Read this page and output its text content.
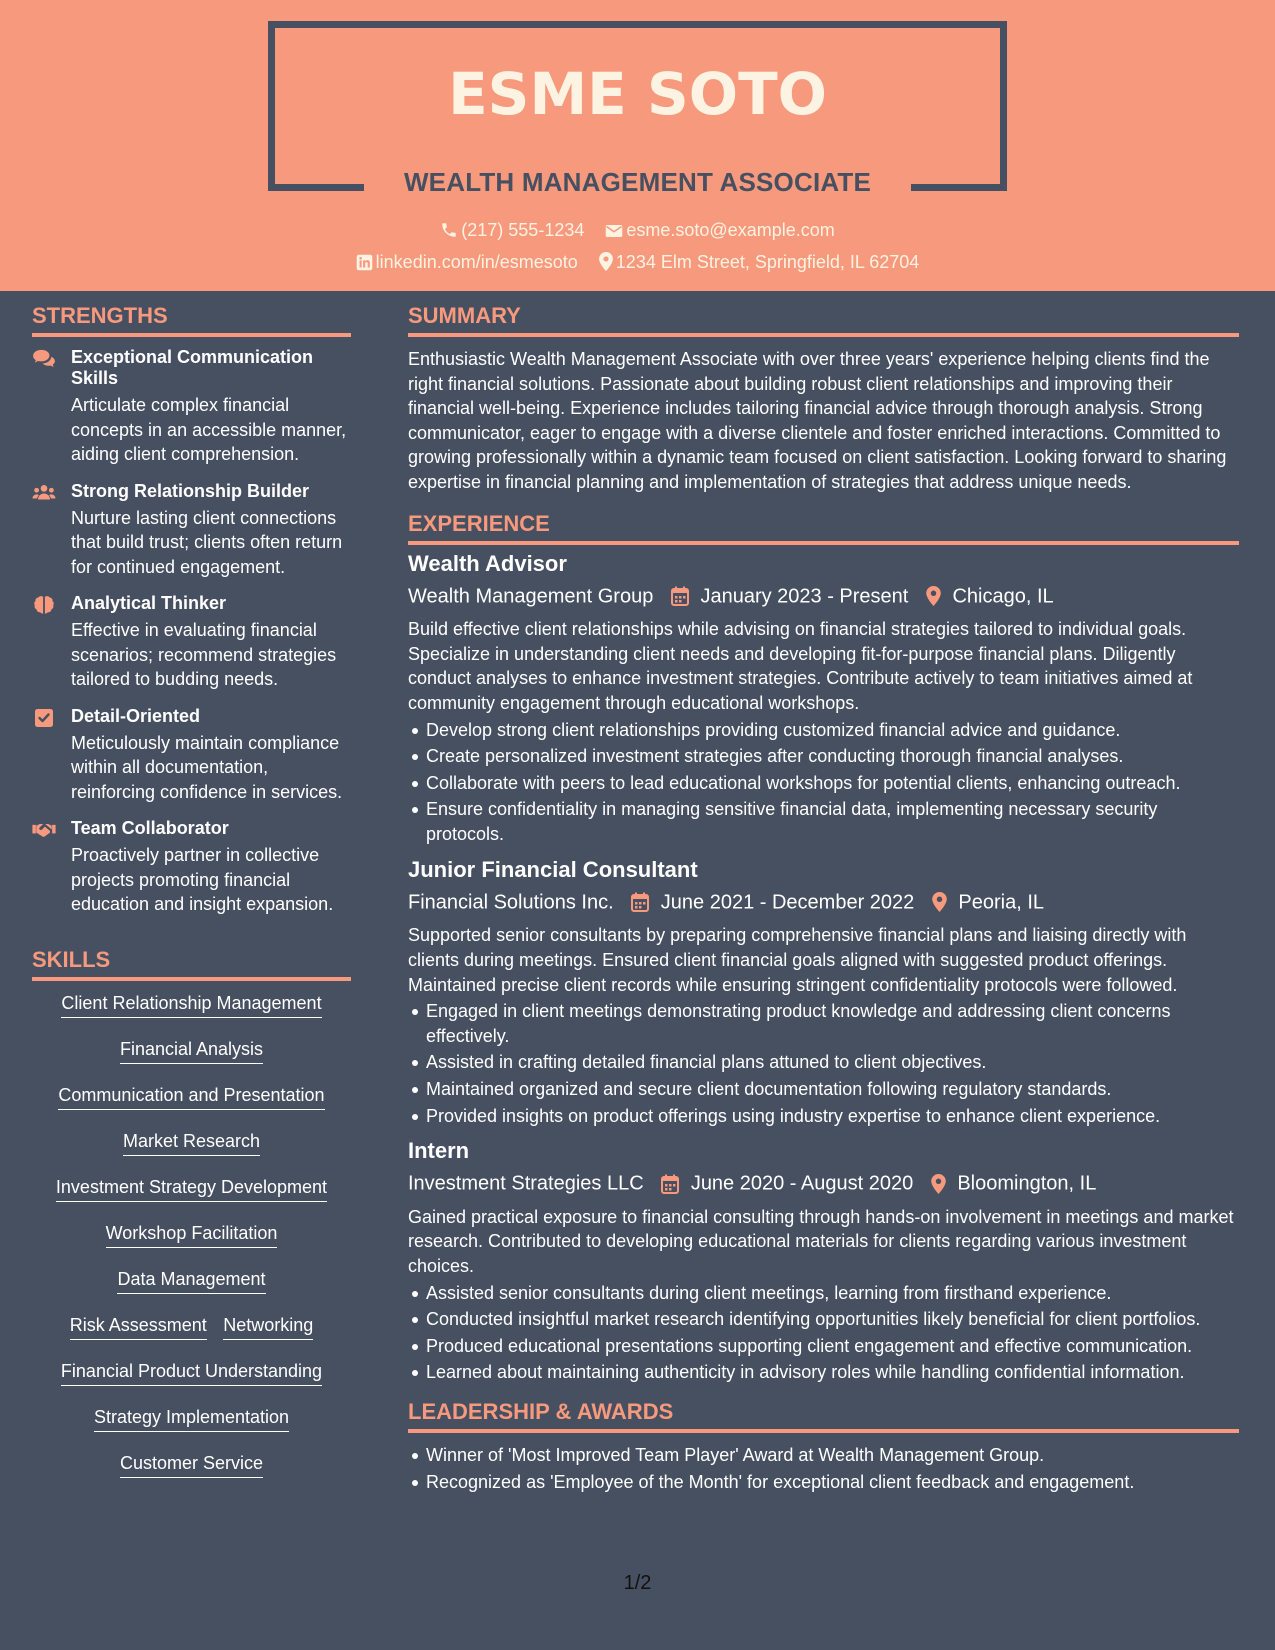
ESME SOTO
WEALTH MANAGEMENT ASSOCIATE
(217) 555-1234 esme.soto@example.com
linkedin.com/in/esmesoto 1234 Elm Street, Springfield, IL 62704
STRENGTHS
Exceptional Communication Skills
Articulate complex financial concepts in an accessible manner, aiding client comprehension.
Strong Relationship Builder
Nurture lasting client connections that build trust; clients often return for continued engagement.
Analytical Thinker
Effective in evaluating financial scenarios; recommend strategies tailored to budding needs.
Detail-Oriented
Meticulously maintain compliance within all documentation, reinforcing confidence in services.
Team Collaborator
Proactively partner in collective projects promoting financial education and insight expansion.
SKILLS
Client Relationship Management
Financial Analysis
Communication and Presentation
Market Research
Investment Strategy Development
Workshop Facilitation
Data Management
Risk Assessment Networking
Financial Product Understanding
Strategy Implementation
Customer Service
SUMMARY
Enthusiastic Wealth Management Associate with over three years' experience helping clients find the right financial solutions. Passionate about building robust client relationships and improving their financial well-being. Experience includes tailoring financial advice through thorough analysis. Strong communicator, eager to engage with a diverse clientele and foster enriched interactions. Committed to growing professionally within a dynamic team focused on client satisfaction. Looking forward to sharing expertise in financial planning and implementation of strategies that address unique needs.
EXPERIENCE
Wealth Advisor
Wealth Management Group January 2023 - Present Chicago, IL
Build effective client relationships while advising on financial strategies tailored to individual goals. Specialize in understanding client needs and developing fit-for-purpose financial plans. Diligently conduct analyses to enhance investment strategies. Contribute actively to team initiatives aimed at community engagement through educational workshops.
Develop strong client relationships providing customized financial advice and guidance.
Create personalized investment strategies after conducting thorough financial analyses.
Collaborate with peers to lead educational workshops for potential clients, enhancing outreach.
Ensure confidentiality in managing sensitive financial data, implementing necessary security protocols.
Junior Financial Consultant
Financial Solutions Inc. June 2021 - December 2022 Peoria, IL
Supported senior consultants by preparing comprehensive financial plans and liaising directly with clients during meetings. Ensured client financial goals aligned with suggested product offerings. Maintained precise client records while ensuring stringent confidentiality protocols were followed.
Engaged in client meetings demonstrating product knowledge and addressing client concerns effectively.
Assisted in crafting detailed financial plans attuned to client objectives.
Maintained organized and secure client documentation following regulatory standards.
Provided insights on product offerings using industry expertise to enhance client experience.
Intern
Investment Strategies LLC June 2020 - August 2020 Bloomington, IL
Gained practical exposure to financial consulting through hands-on involvement in meetings and market research. Contributed to developing educational materials for clients regarding various investment choices.
Assisted senior consultants during client meetings, learning from firsthand experience.
Conducted insightful market research identifying opportunities likely beneficial for client portfolios.
Produced educational presentations supporting client engagement and effective communication.
Learned about maintaining authenticity in advisory roles while handling confidential information.
LEADERSHIP & AWARDS
Winner of 'Most Improved Team Player' Award at Wealth Management Group.
Recognized as 'Employee of the Month' for exceptional client feedback and engagement.
1/2
